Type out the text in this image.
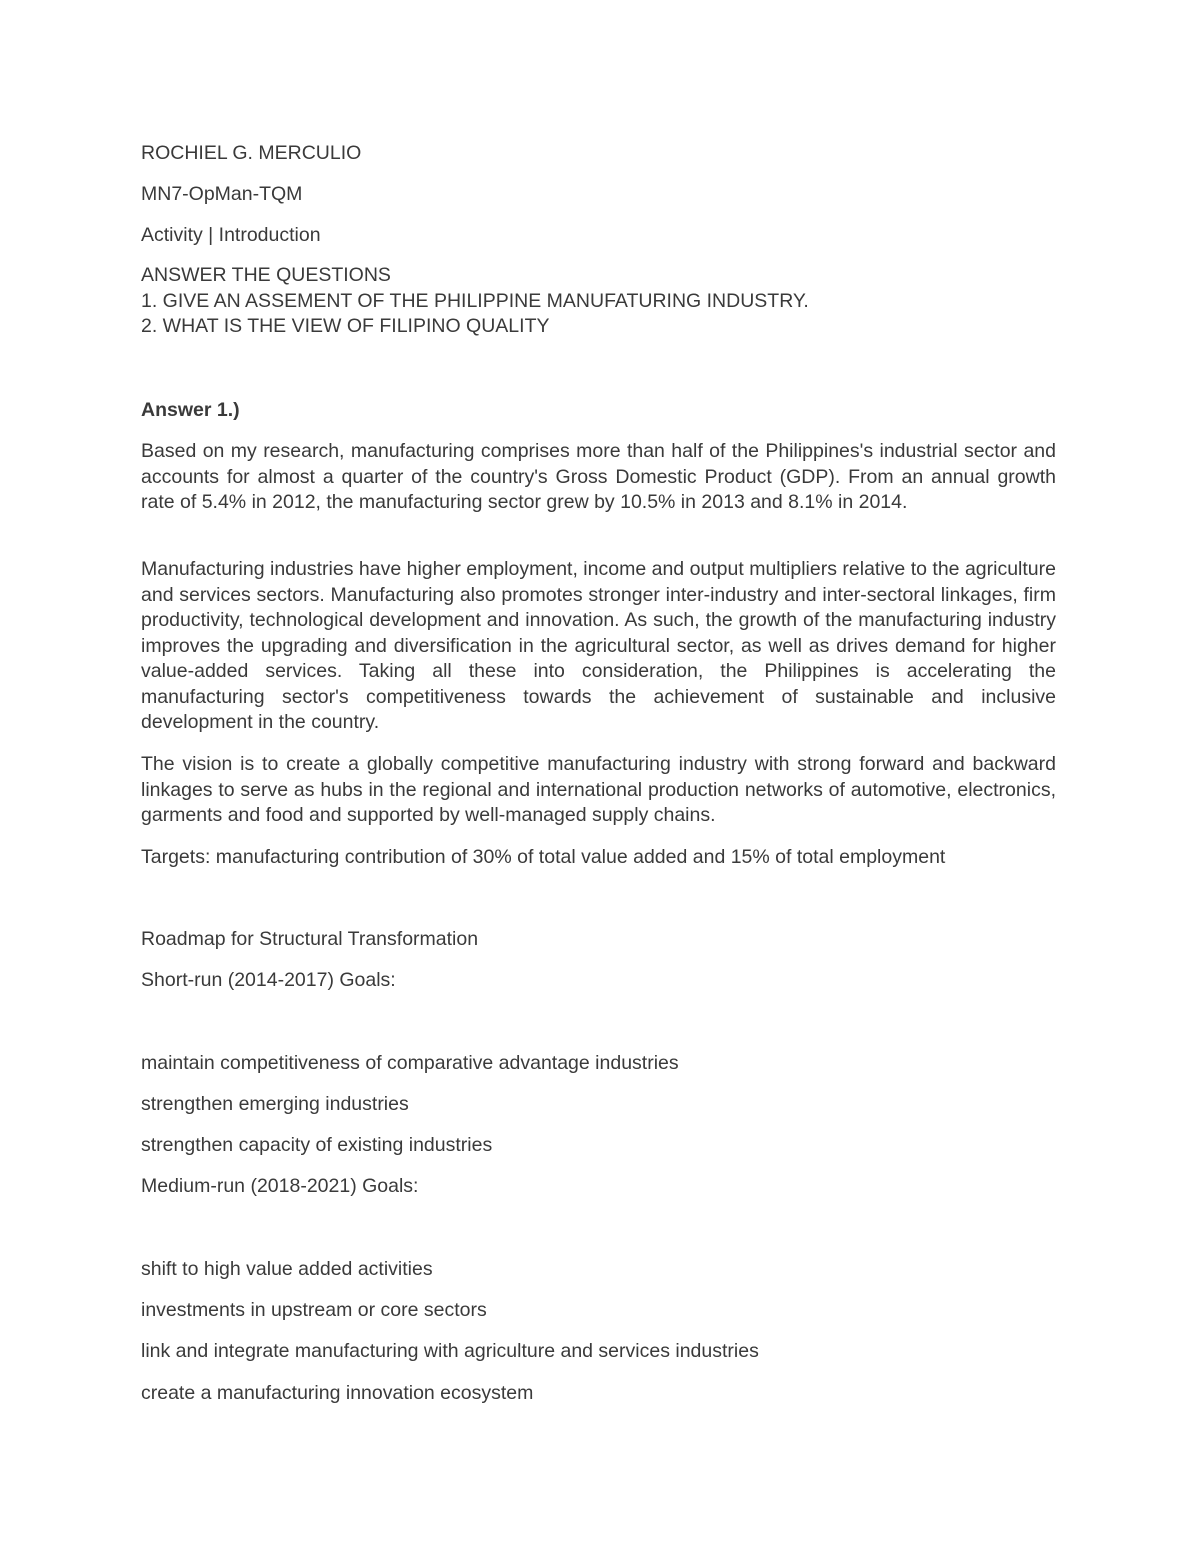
ROCHIEL G. MERCULIO
MN7-OpMan-TQM
Activity | Introduction
ANSWER THE QUESTIONS
1. GIVE AN ASSEMENT OF THE PHILIPPINE MANUFATURING INDUSTRY.
2. WHAT IS THE VIEW OF FILIPINO QUALITY
Answer 1.)

Based on my research, manufacturing comprises more than half of the Philippines's industrial sector and accounts for almost a quarter of the country's Gross Domestic Product (GDP). From an annual growth rate of 5.4% in 2012, the manufacturing sector grew by 10.5% in 2013 and 8.1% in 2014.

Manufacturing industries have higher employment, income and output multipliers relative to the agriculture and services sectors. Manufacturing also promotes stronger inter-industry and inter-sectoral linkages, firm productivity, technological development and innovation. As such, the growth of the manufacturing industry improves the upgrading and diversification in the agricultural sector, as well as drives demand for higher value-added services. Taking all these into consideration, the Philippines is accelerating the manufacturing sector's competitiveness towards the achievement of sustainable and inclusive development in the country.

The vision is to create a globally competitive manufacturing industry with strong forward and backward linkages to serve as hubs in the regional and international production networks of automotive, electronics, garments and food and supported by well-managed supply chains.

Targets: manufacturing contribution of 30% of total value added and 15% of total employment
Roadmap for Structural Transformation
Short-run (2014-2017) Goals:
maintain competitiveness of comparative advantage industries
strengthen emerging industries
strengthen capacity of existing industries
Medium-run (2018-2021) Goals:
shift to high value added activities
investments in upstream or core sectors
link and integrate manufacturing with agriculture and services industries
create a manufacturing innovation ecosystem
